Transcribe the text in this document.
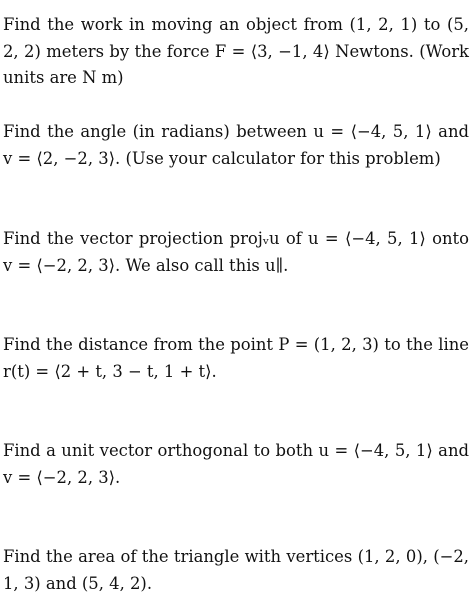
Find the work in moving an object from (1, 2, 1) to (5, 2, 2) meters by the force F = ⟨3, −1, 4⟩ Newtons. (Work units are N m)

Find the angle (in radians) between u = ⟨−4, 5, 1⟩ and v = ⟨2, −2, 3⟩. (Use your calculator for this problem)

Find the vector projection projᵥu of u = ⟨−4, 5, 1⟩ onto v = ⟨−2, 2, 3⟩. We also call this u∥.

Find the distance from the point P = (1, 2, 3) to the line r(t) = ⟨2 + t, 3 − t, 1 + t⟩.

Find a unit vector orthogonal to both u = ⟨−4, 5, 1⟩ and v = ⟨−2, 2, 3⟩.

Find the area of the triangle with vertices (1, 2, 0), (−2, 1, 3) and (5, 4, 2).
